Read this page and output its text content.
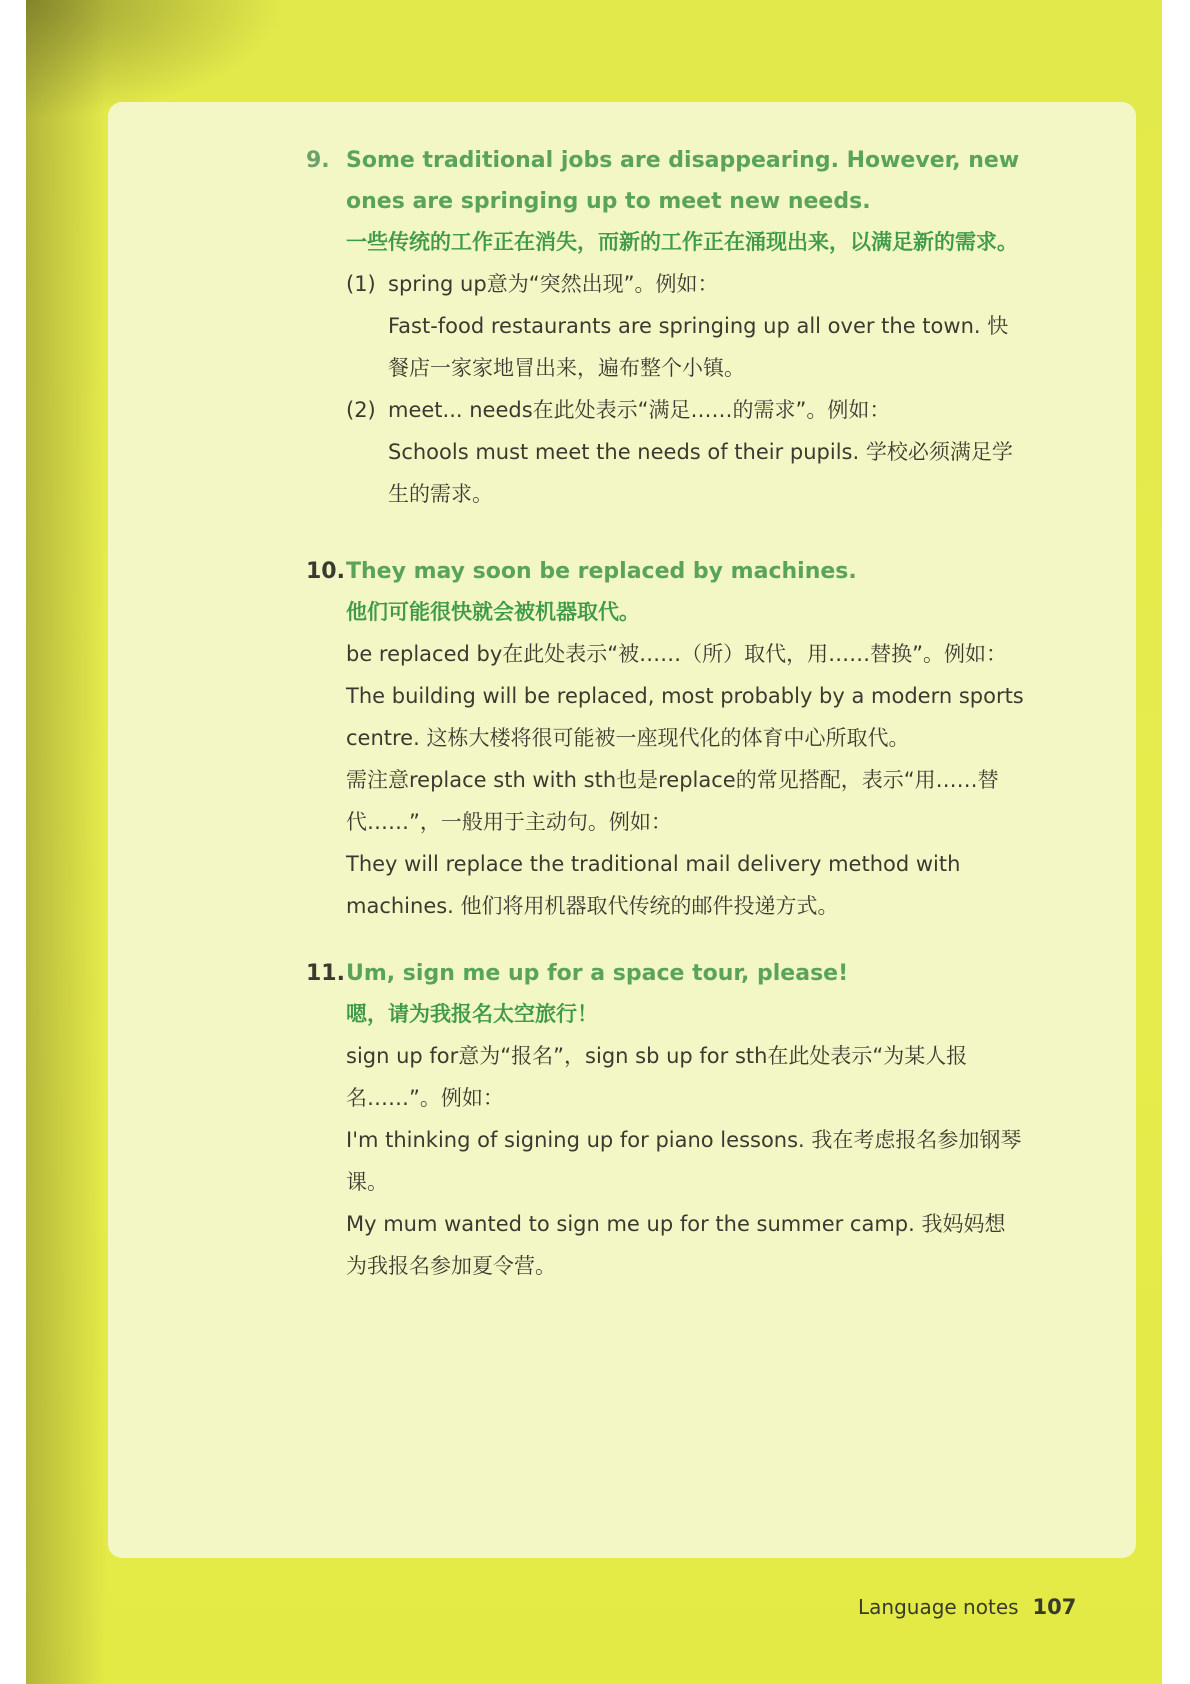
9. Some traditional jobs are disappearing. However, new ones are springing up to meet new needs.
一些传统的工作正在消失，而新的工作正在涌现出来，以满足新的需求。
(1) spring up意为“突然出现”。例如：
Fast-food restaurants are springing up all over the town. 快餐店一家家地冒出来，遍布整个小镇。
(2) meet... needs在此处表示“满足……的需求”。例如：
Schools must meet the needs of their pupils. 学校必须满足学生的需求。
10. They may soon be replaced by machines.
他们可能很快就会被机器取代。
be replaced by在此处表示“被……（所）取代，用……替换”。例如：
The building will be replaced, most probably by a modern sports centre. 这栋大楼将很可能被一座现代化的体育中心所取代。
需注意replace sth with sth也是replace的常见搭配，表示“用……替代……”，一般用于主动句。例如：
They will replace the traditional mail delivery method with machines. 他们将用机器取代传统的邮件投递方式。
11. Um, sign me up for a space tour, please!
嗯，请为我报名太空旅行！
sign up for意为“报名”，sign sb up for sth在此处表示“为某人报名……”。例如：
I'm thinking of signing up for piano lessons. 我在考虑报名参加钢琴课。
My mum wanted to sign me up for the summer camp. 我妈妈想为我报名参加夏令营。
Language notes 107
